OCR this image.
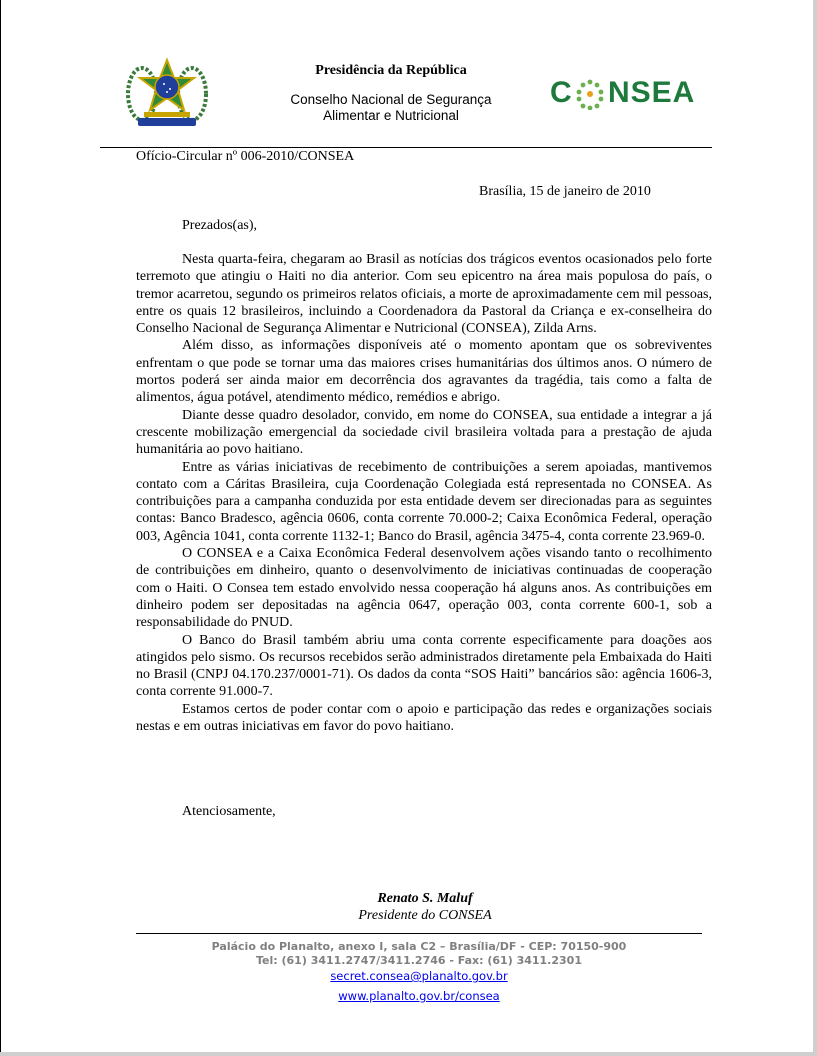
Presidência da República
Conselho Nacional de Segurança
Alimentar e Nutricional
C NSEA
Ofício-Circular nº 006-2010/CONSEA
Brasília, 15 de janeiro de 2010
Prezados(as),

Nesta quarta-feira, chegaram ao Brasil as notícias dos trágicos eventos ocasionados pelo forte terremoto que atingiu o Haiti no dia anterior. Com seu epicentro na área mais populosa do país, o tremor acarretou, segundo os primeiros relatos oficiais, a morte de aproximadamente cem mil pessoas, entre os quais 12 brasileiros, incluindo a Coordenadora da Pastoral da Criança e ex-conselheira do Conselho Nacional de Segurança Alimentar e Nutricional (CONSEA), Zilda Arns.

Além disso, as informações disponíveis até o momento apontam que os sobreviventes enfrentam o que pode se tornar uma das maiores crises humanitárias dos últimos anos. O número de mortos poderá ser ainda maior em decorrência dos agravantes da tragédia, tais como a falta de alimentos, água potável, atendimento médico, remédios e abrigo.

Diante desse quadro desolador, convido, em nome do CONSEA, sua entidade a integrar a já crescente mobilização emergencial da sociedade civil brasileira voltada para a prestação de ajuda humanitária ao povo haitiano.

Entre as várias iniciativas de recebimento de contribuições a serem apoiadas, mantivemos contato com a Cáritas Brasileira, cuja Coordenação Colegiada está representada no CONSEA. As contribuições para a campanha conduzida por esta entidade devem ser direcionadas para as seguintes contas: Banco Bradesco, agência 0606, conta corrente 70.000-2; Caixa Econômica Federal, operação 003, Agência 1041, conta corrente 1132-1; Banco do Brasil, agência 3475-4, conta corrente 23.969-0.

O CONSEA e a Caixa Econômica Federal desenvolvem ações visando tanto o recolhimento de contribuições em dinheiro, quanto o desenvolvimento de iniciativas continuadas de cooperação com o Haiti. O Consea tem estado envolvido nessa cooperação há alguns anos. As contribuições em dinheiro podem ser depositadas na agência 0647, operação 003, conta corrente 600-1, sob a responsabilidade do PNUD.

O Banco do Brasil também abriu uma conta corrente especificamente para doações aos atingidos pelo sismo. Os recursos recebidos serão administrados diretamente pela Embaixada do Haiti no Brasil (CNPJ 04.170.237/0001-71). Os dados da conta “SOS Haiti” bancários são: agência 1606-3, conta corrente 91.000-7.

Estamos certos de poder contar com o apoio e participação das redes e organizações sociais nestas e em outras iniciativas em favor do povo haitiano.

Atenciosamente,
Renato S. Maluf
Presidente do CONSEA
Palácio do Planalto, anexo I, sala C2 – Brasília/DF - CEP: 70150-900
Tel: (61) 3411.2747/3411.2746 - Fax: (61) 3411.2301
secret.consea@planalto.gov.br
www.planalto.gov.br/consea
